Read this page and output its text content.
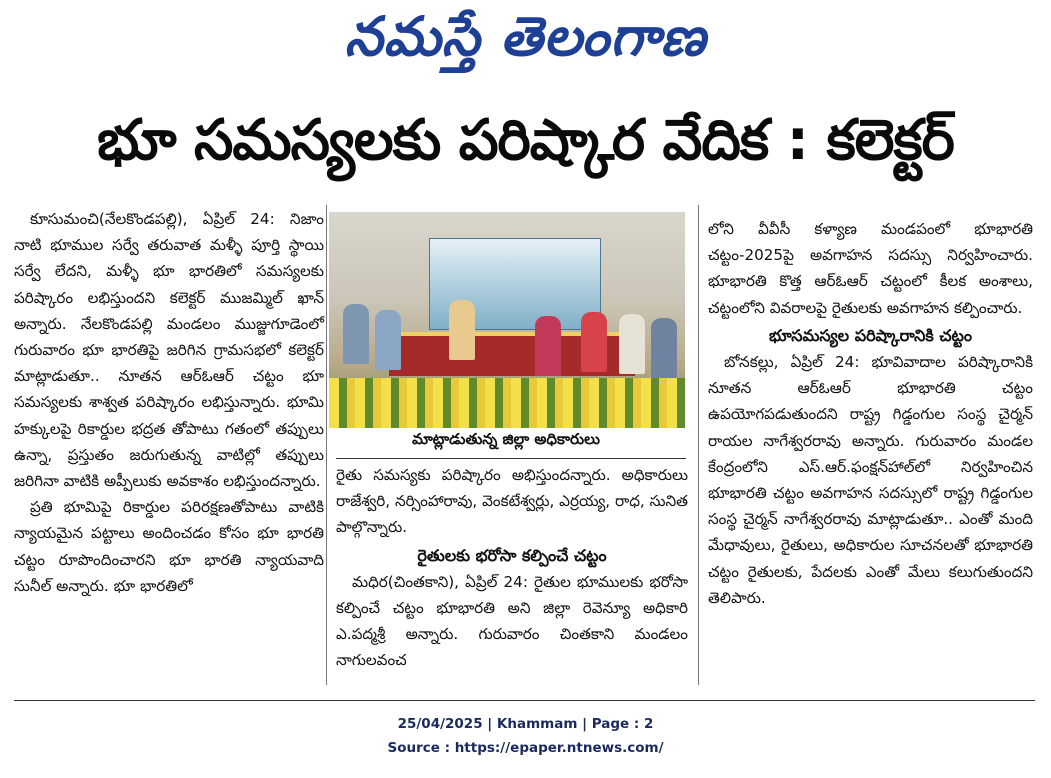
నమస్తే తెలంగాణ
భూ సమస్యలకు పరిష్కార వేదిక : కలెక్టర్

కూసుమంచి(నేలకొండపల్లి), ఏప్రిల్ 24: నిజాం నాటి భూముల సర్వే తరువాత మళ్ళీ పూర్తి స్థాయి సర్వే లేదని, మళ్ళీ భూ భారతిలో సమస్యలకు పరిష్కారం లభిస్తుందని కలెక్టర్ ముజమ్మిల్ ఖాన్ అన్నారు. నేలకొండపల్లి మండలం ముజ్జుగూడెంలో గురువారం భూ భారతిపై జరిగిన గ్రామసభలో కలెక్టర్ మాట్లాడుతూ.. నూతన ఆర్ఓఆర్ చట్టం భూ సమస్యలకు శాశ్వత పరిష్కారం లభిస్తున్నారు. భూమి హక్కులపై రికార్డుల భద్రత తోపాటు గతంలో తప్పులు ఉన్నా, ప్రస్తుతం జరుగుతున్న వాటిల్లో తప్పులు జరిగినా వాటికి అప్పీలుకు అవకాశం లభిస్తుందన్నారు.

ప్రతి భూమిపై రికార్డుల పరిరక్షణతోపాటు వాటికి న్యాయమైన పట్టాలు అందించడం కోసం భూ భారతి చట్టం రూపొందించారని భూ భారతి న్యాయవాది సునీల్ అన్నారు. భూ భారతిలో

మాట్లాడుతున్న జిల్లా అధికారులు

రైతు సమస్యకు పరిష్కారం అభిస్తుందన్నారు. అధికారులు రాజేశ్వరి, నర్సింహారావు, వెంకటేశ్వర్లు, ఎర్రయ్య, రాధ, సునిత పాల్గొన్నారు.

రైతులకు భరోసా కల్పించే చట్టం

మధిర(చింతకాని), ఏప్రిల్ 24: రైతుల భూములకు భరోసా కల్పించే చట్టం భూభారతి అని జిల్లా రెవెన్యూ అధికారి ఎ.పద్మశ్రీ అన్నారు. గురువారం చింతకాని మండలం నాగులవంచ

లోని వీవీసీ కళ్యాణ మండపంలో భూభారతి చట్టం-2025పై అవగాహన సదస్సు నిర్వహించారు. భూభారతి కొత్త ఆర్ఓఆర్ చట్టంలో కీలక అంశాలు, చట్టంలోని వివరాలపై రైతులకు అవగాహన కల్పించారు.

భూసమస్యల పరిష్కారానికి చట్టం

బోనకల్లు, ఏప్రిల్ 24: భూవివాదాల పరిష్కారానికి నూతన ఆర్ఓఆర్ భూభారతి చట్టం ఉపయోగపడుతుందని రాష్ట్ర గిడ్డంగుల సంస్థ చైర్మన్ రాయల నాగేశ్వరరావు అన్నారు. గురువారం మండల కేంద్రంలోని ఎస్.ఆర్.ఫంక్షన్‌హాల్‌లో నిర్వహించిన భూభారతి చట్టం అవగాహన సదస్సులో రాష్ట్ర గిడ్డంగుల సంస్థ చైర్మన్ నాగేశ్వరరావు మాట్లాడుతూ.. ఎంతో మంది మేధావులు, రైతులు, అధికారుల సూచనలతో భూభారతి చట్టం రైతులకు, పేదలకు ఎంతో మేలు కలుగుతుందని తెలిపారు.

25/04/2025 | Khammam | Page : 2
Source : https://epaper.ntnews.com/
